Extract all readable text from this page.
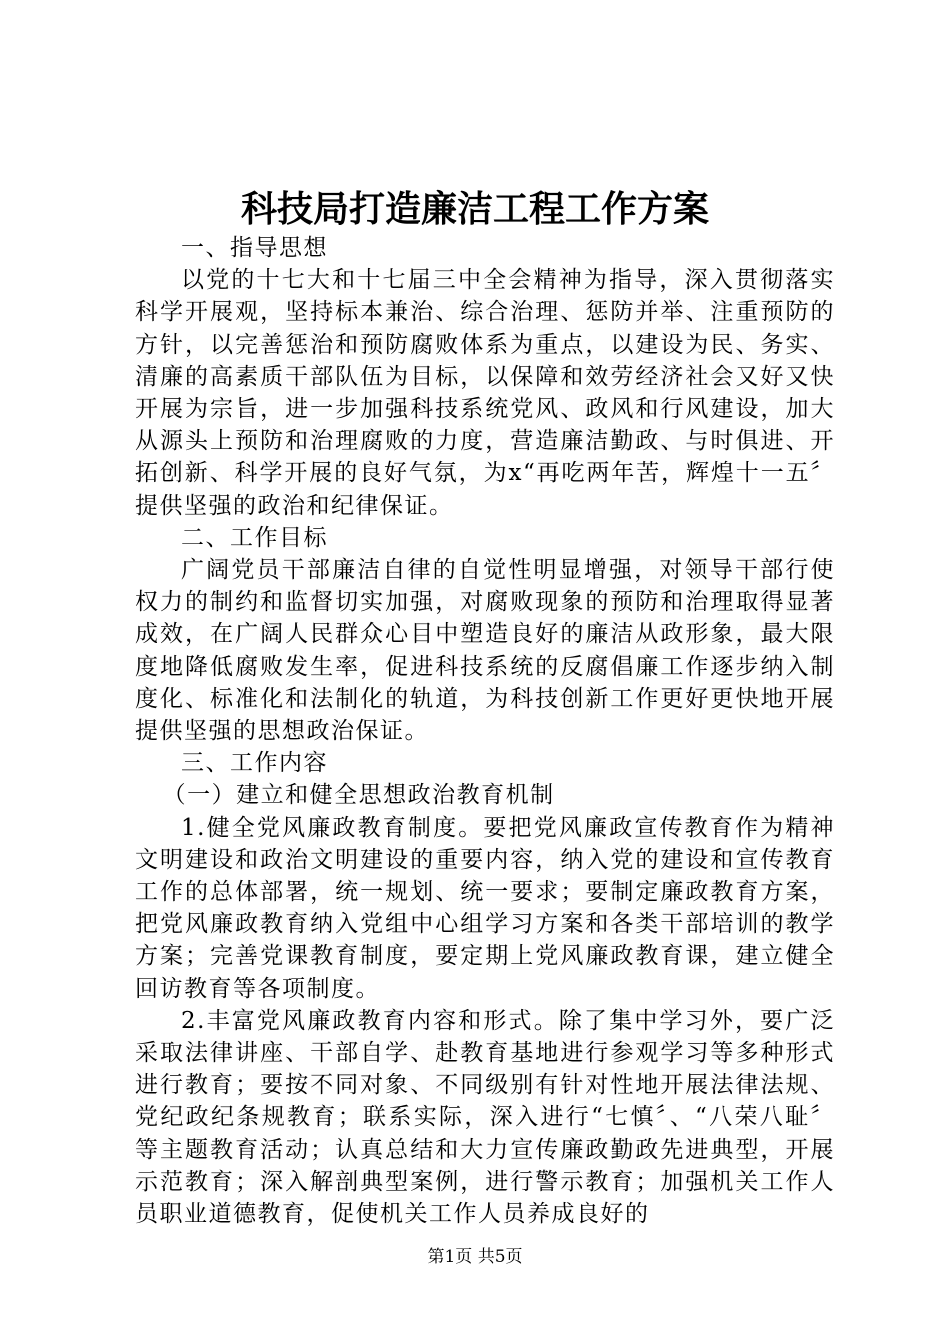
科技局打造廉洁工程工作方案

一、指导思想

以党的十七大和十七届三中全会精神为指导，深入贯彻落实科学开展观，坚持标本兼治、综合治理、惩防并举、注重预防的方针，以完善惩治和预防腐败体系为重点，以建设为民、务实、清廉的高素质干部队伍为目标，以保障和效劳经济社会又好又快开展为宗旨，进一步加强科技系统党风、政风和行风建设，加大从源头上预防和治理腐败的力度，营造廉洁勤政、与时俱进、开拓创新、科学开展的良好气氛，为x“再吃两年苦，辉煌十一五〞提供坚强的政治和纪律保证。

二、工作目标

广阔党员干部廉洁自律的自觉性明显增强，对领导干部行使权力的制约和监督切实加强，对腐败现象的预防和治理取得显著成效，在广阔人民群众心目中塑造良好的廉洁从政形象，最大限度地降低腐败发生率，促进科技系统的反腐倡廉工作逐步纳入制度化、标准化和法制化的轨道，为科技创新工作更好更快地开展提供坚强的思想政治保证。

三、工作内容

（一）建立和健全思想政治教育机制

1.健全党风廉政教育制度。要把党风廉政宣传教育作为精神文明建设和政治文明建设的重要内容，纳入党的建设和宣传教育工作的总体部署，统一规划、统一要求；要制定廉政教育方案，把党风廉政教育纳入党组中心组学习方案和各类干部培训的教学方案；完善党课教育制度，要定期上党风廉政教育课，建立健全回访教育等各项制度。

2.丰富党风廉政教育内容和形式。除了集中学习外，要广泛采取法律讲座、干部自学、赴教育基地进行参观学习等多种形式进行教育；要按不同对象、不同级别有针对性地开展法律法规、党纪政纪条规教育；联系实际，深入进行“七慎〞、“八荣八耻〞等主题教育活动；认真总结和大力宣传廉政勤政先进典型，开展示范教育；深入解剖典型案例，进行警示教育；加强机关工作人员职业道德教育，促使机关工作人员养成良好的

第1页 共5页
